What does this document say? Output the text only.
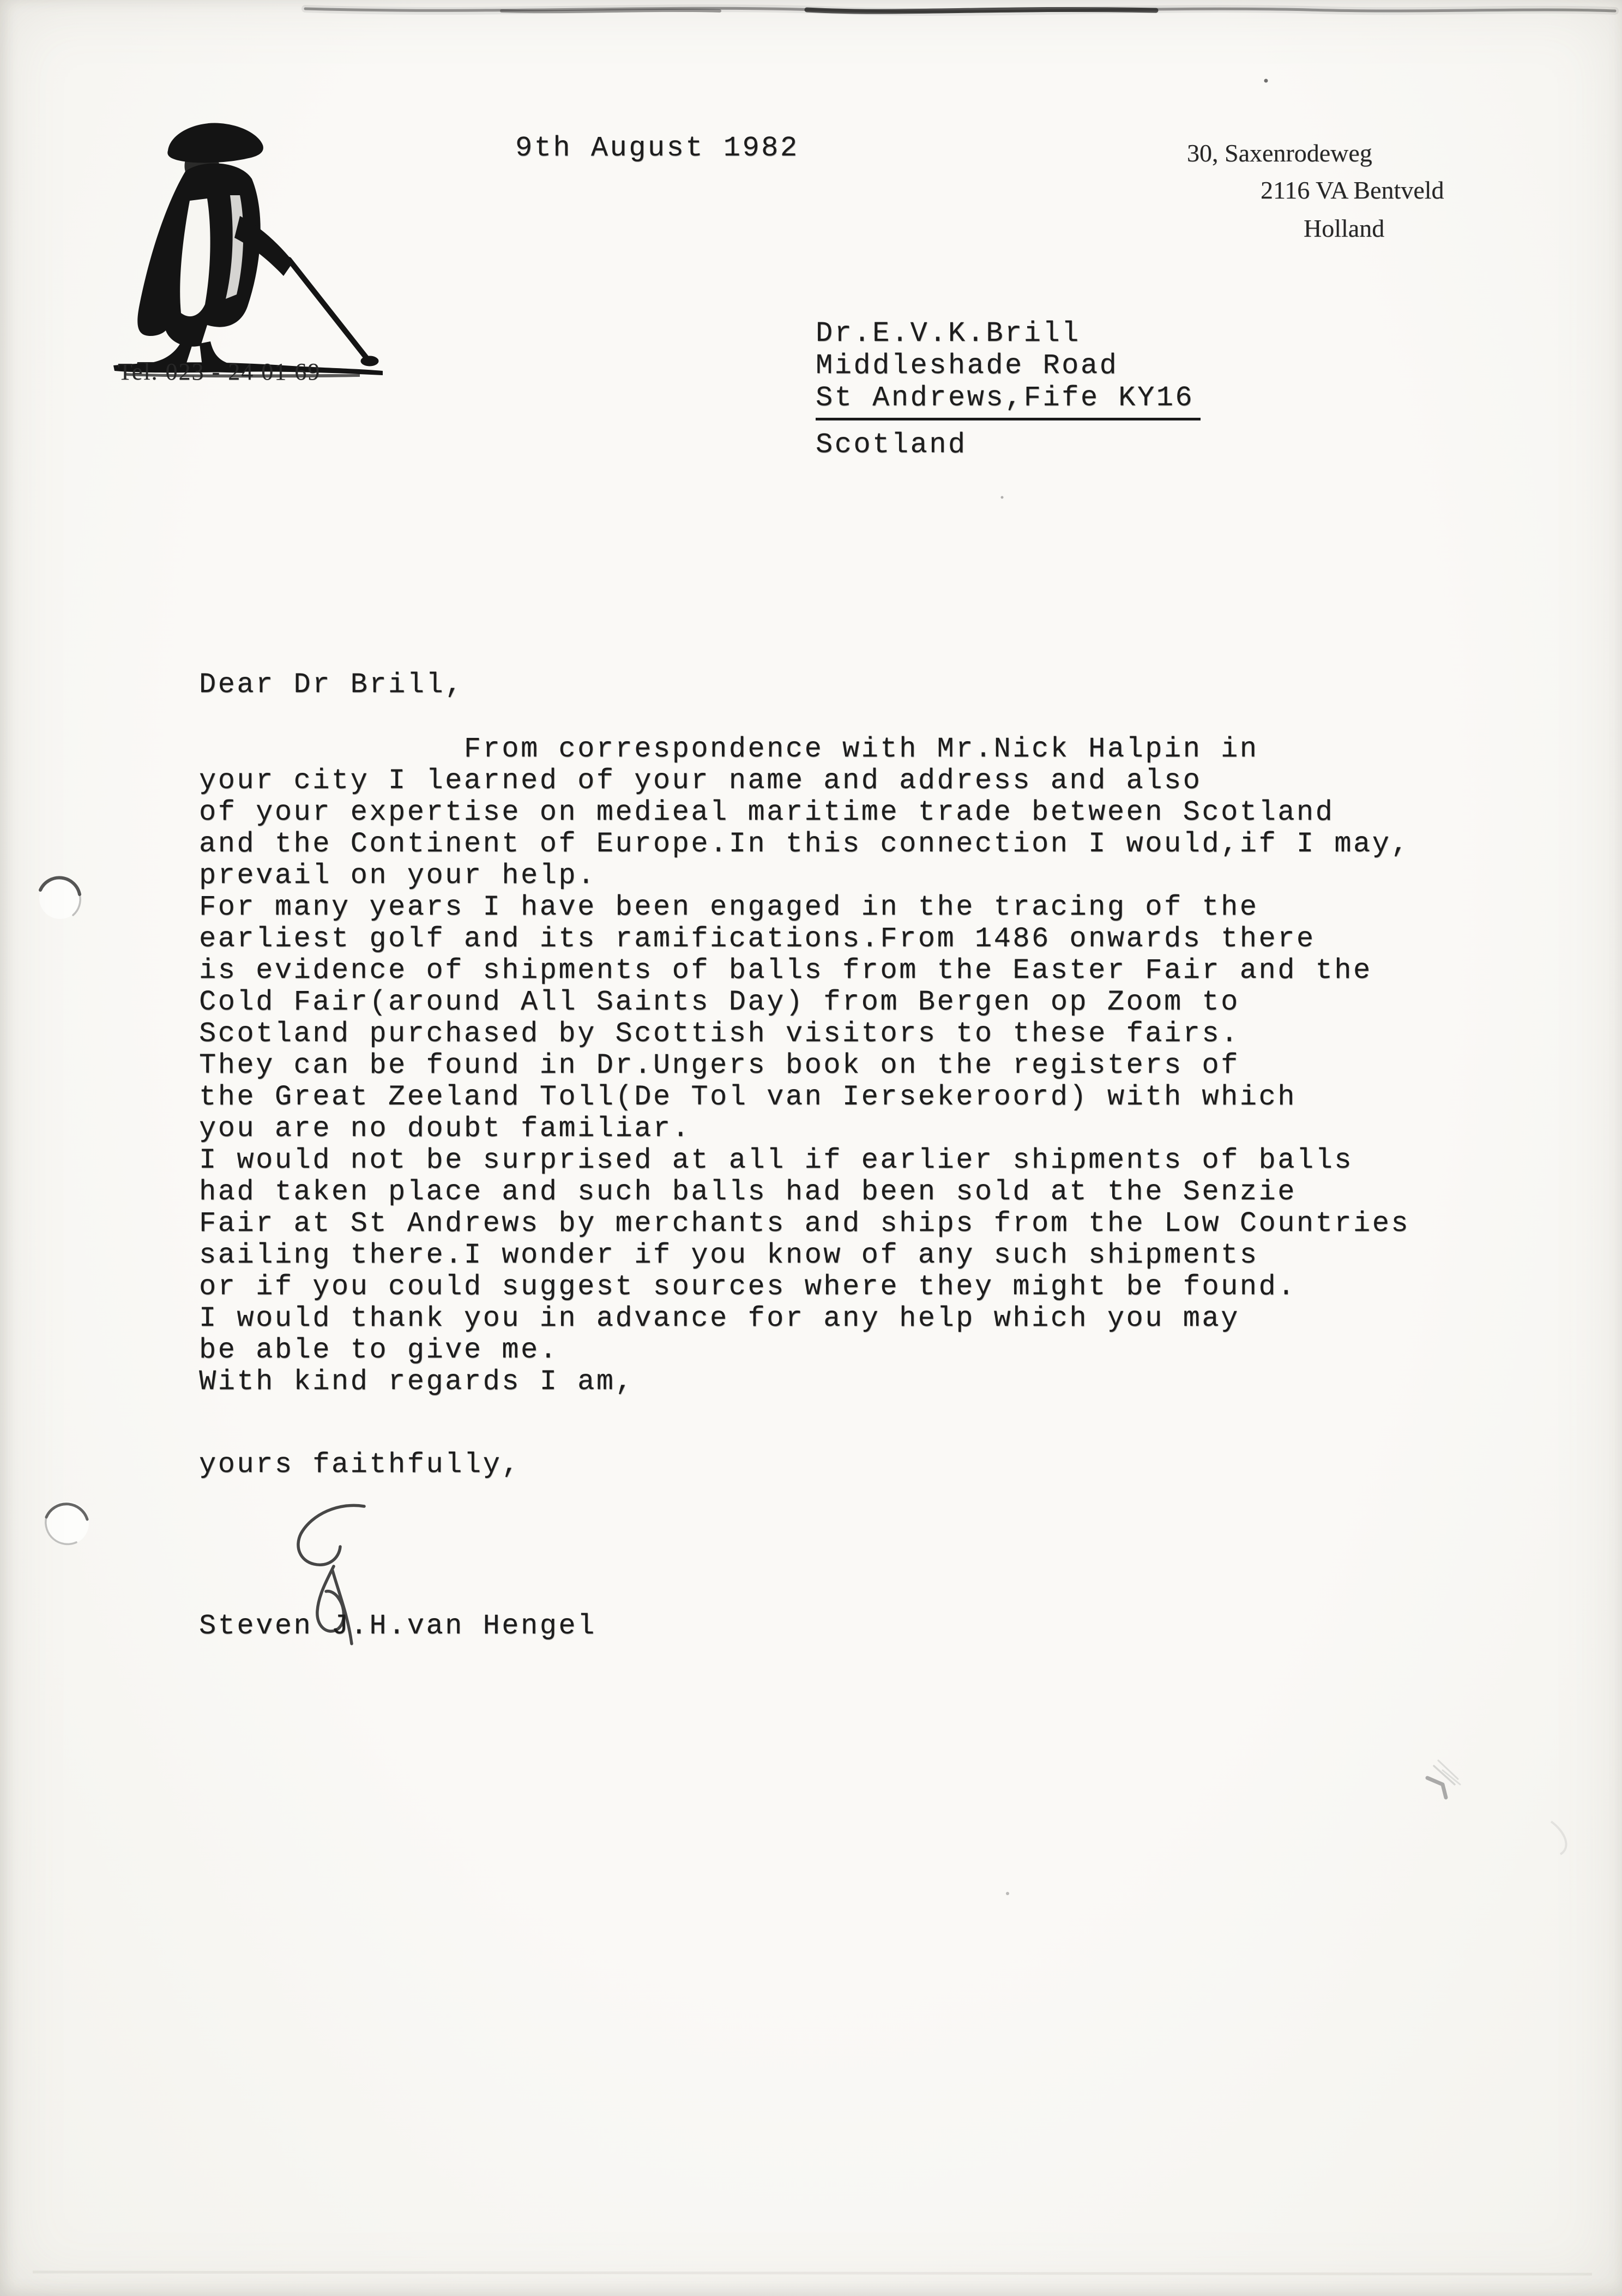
Tel. 023 - 24 01 69
9th August 1982	30, Saxenrodeweg
2116 VA Bentveld
Holland
Dr.E.V.K.Brill
Middleshade Road
St Andrews,Fife KY16
Scotland
Dear Dr Brill,
From correspondence with Mr.Nick Halpin in
your city I learned of your name and address and also
of your expertise on medieal maritime trade between Scotland
and the Continent of Europe.In this connection I would,if I may,
prevail on your help.
For many years I have been engaged in the tracing of the
earliest golf and its ramifications.From 1486 onwards there
is evidence of shipments of balls from the Easter Fair and the
Cold Fair(around All Saints Day) from Bergen op Zoom to
Scotland purchased by Scottish visitors to these fairs.
They can be found in Dr.Ungers book on the registers of
the Great Zeeland Toll(De Tol van Iersekeroord) with which
you are no doubt familiar.
I would not be surprised at all if earlier shipments of balls
had taken place and such balls had been sold at the Senzie
Fair at St Andrews by merchants and ships from the Low Countries
sailing there.I wonder if you know of any such shipments
or if you could suggest sources where they might be found.
I would thank you in advance for any help which you may
be able to give me.
With kind regards I am,
yours faithfully,
Steven J.H.van Hengel
